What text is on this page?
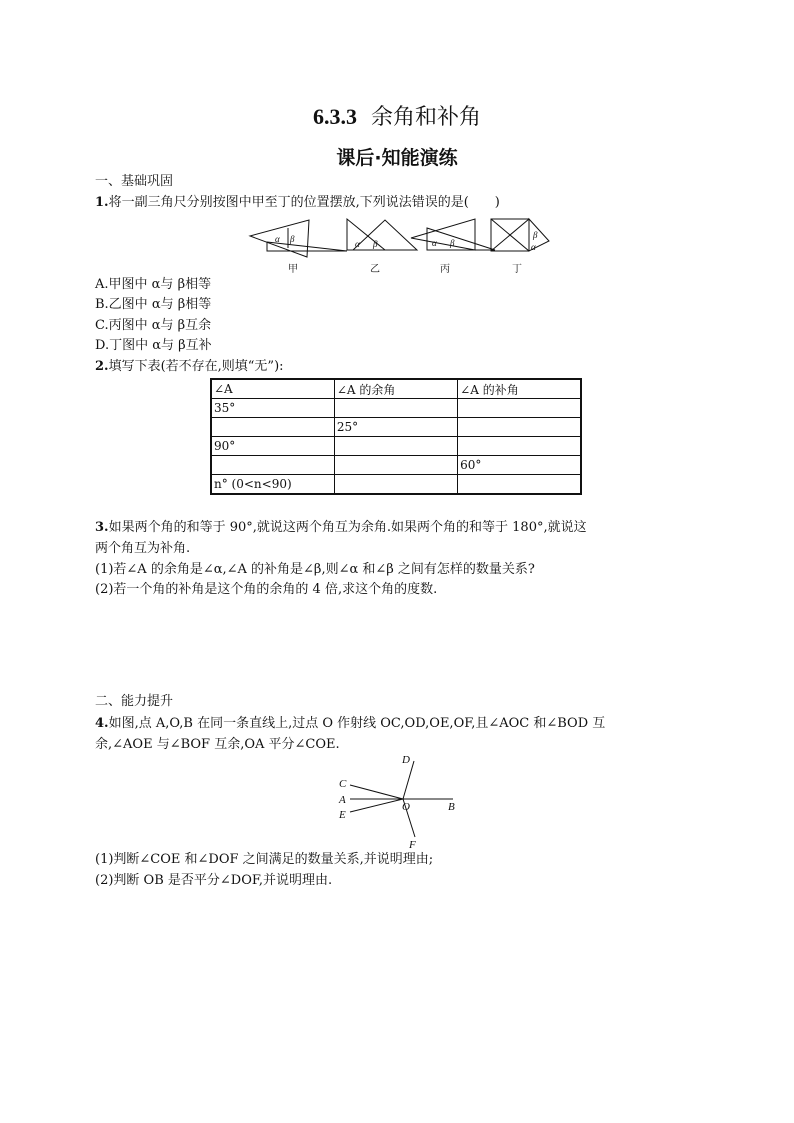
6.3.3 余角和补角
课后·知能演练
一、基础巩固
1.将一副三角尺分别按图中甲至丁的位置摆放,下列说法错误的是(　　)
α β	α β	α β	α
β
甲	乙	丙	丁
A.甲图中 α与 β相等
B.乙图中 α与 β相等
C.丙图中 α与 β互余
D.丁图中 α与 β互补
2.填写下表(若不存在,则填“无”):
∠A	∠A 的余角	∠A 的补角
35°		
	25°	
90°		
		60°
n° (0<n<90)		
3.如果两个角的和等于 90°,就说这两个角互为余角.如果两个角的和等于 180°,就说这
两个角互为补角.
(1)若∠A 的余角是∠α,∠A 的补角是∠β,则∠α 和∠β 之间有怎样的数量关系?
(2)若一个角的补角是这个角的余角的 4 倍,求这个角的度数.
二、能力提升
4.如图,点 A,O,B 在同一条直线上,过点 O 作射线 OC,OD,OE,OF,且∠AOC 和∠BOD 互
余,∠AOE 与∠BOF 互余,OA 平分∠COE.
C
A
E
O	B
D
F
(1)判断∠COE 和∠DOF 之间满足的数量关系,并说明理由;
(2)判断 OB 是否平分∠DOF,并说明理由.
